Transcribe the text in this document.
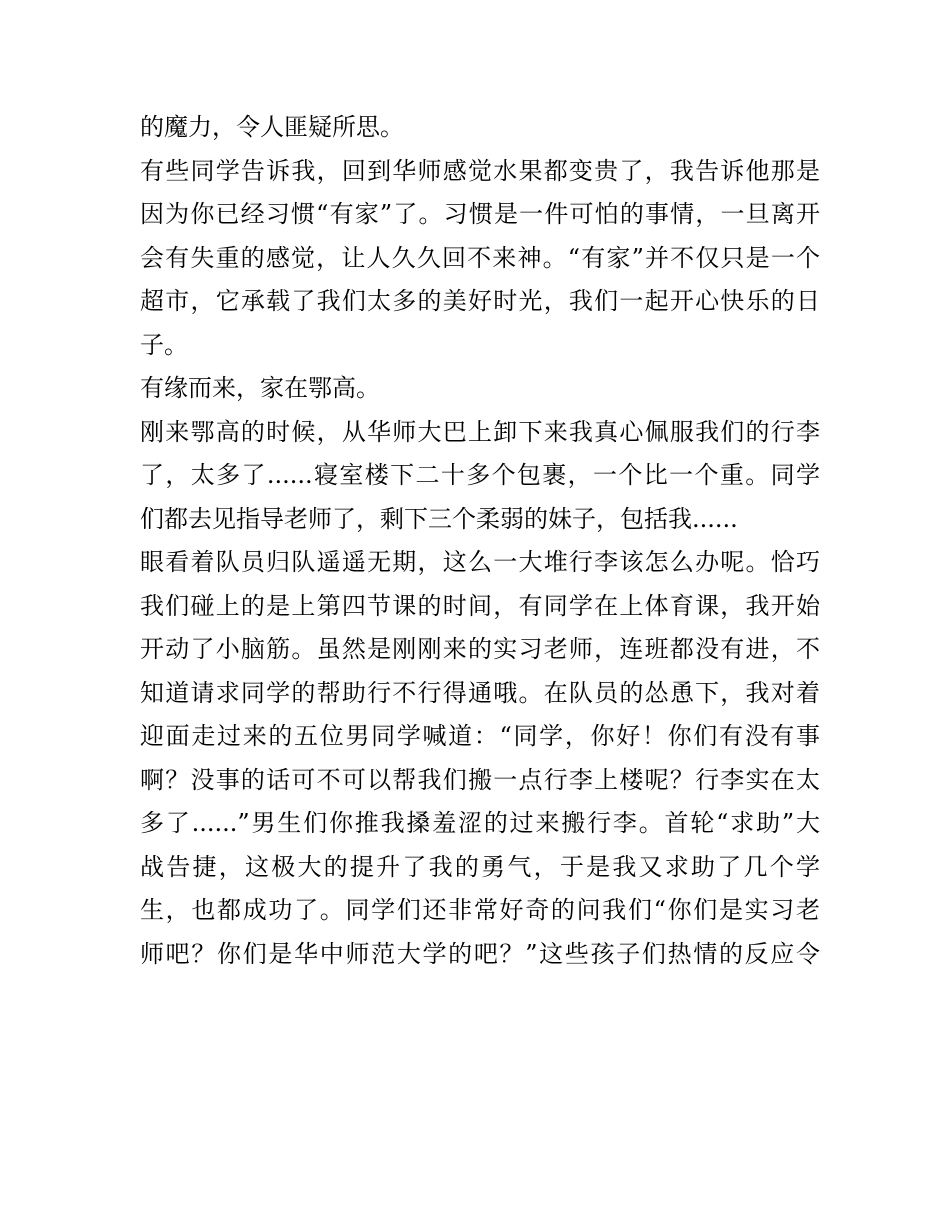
的魔力，令人匪疑所思。
有些同学告诉我，回到华师感觉水果都变贵了，我告诉他那是
因为你已经习惯“有家”了。习惯是一件可怕的事情，一旦离开
会有失重的感觉，让人久久回不来神。“有家”并不仅只是一个
超市，它承载了我们太多的美好时光，我们一起开心快乐的日
子。
有缘而来，家在鄂高。
刚来鄂高的时候，从华师大巴上卸下来我真心佩服我们的行李
了，太多了......寝室楼下二十多个包裹，一个比一个重。同学
们都去见指导老师了，剩下三个柔弱的妹子，包括我......
眼看着队员归队遥遥无期，这么一大堆行李该怎么办呢。恰巧
我们碰上的是上第四节课的时间，有同学在上体育课，我开始
开动了小脑筋。虽然是刚刚来的实习老师，连班都没有进，不
知道请求同学的帮助行不行得通哦。在队员的怂恿下，我对着
迎面走过来的五位男同学喊道：“同学，你好！你们有没有事
啊？没事的话可不可以帮我们搬一点行李上楼呢？行李实在太
多了......”男生们你推我搡羞涩的过来搬行李。首轮“求助”大
战告捷，这极大的提升了我的勇气，于是我又求助了几个学
生，也都成功了。同学们还非常好奇的问我们“你们是实习老
师吧？你们是华中师范大学的吧？”这些孩子们热情的反应令
